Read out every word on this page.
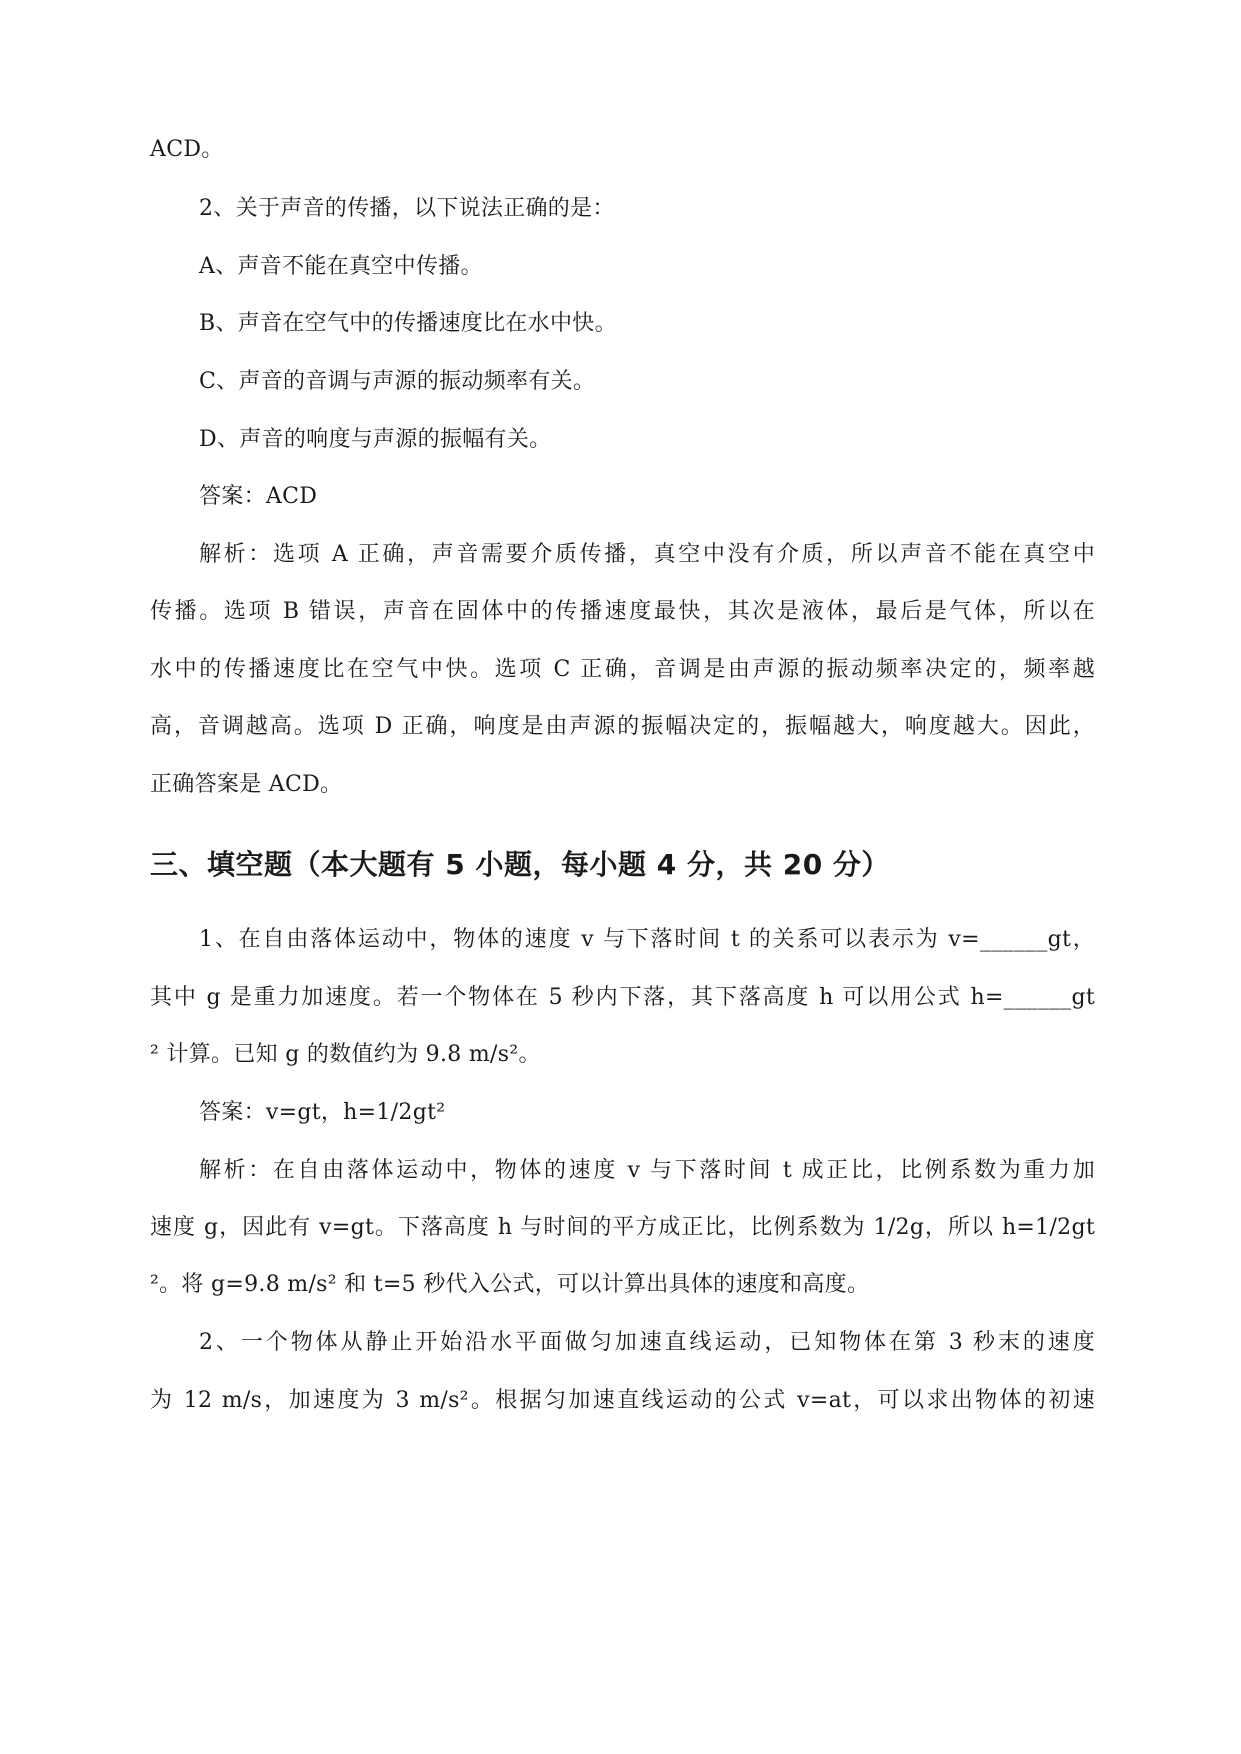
ACD。
2、关于声音的传播，以下说法正确的是：
A、声音不能在真空中传播。
B、声音在空气中的传播速度比在水中快。
C、声音的音调与声源的振动频率有关。
D、声音的响度与声源的振幅有关。
答案：ACD
解析：选项 A 正确，声音需要介质传播，真空中没有介质，所以声音不能在真空中
传播。选项 B 错误，声音在固体中的传播速度最快，其次是液体，最后是气体，所以在
水中的传播速度比在空气中快。选项 C 正确，音调是由声源的振动频率决定的，频率越
高，音调越高。选项 D 正确，响度是由声源的振幅决定的，振幅越大，响度越大。因此，
正确答案是 ACD。
三、填空题（本大题有 5 小题，每小题 4 分，共 20 分）
1、在自由落体运动中，物体的速度 v 与下落时间 t 的关系可以表示为 v=______gt，
其中 g 是重力加速度。若一个物体在 5 秒内下落，其下落高度 h 可以用公式 h=______gt
² 计算。已知 g 的数值约为 9.8 m/s²。
答案：v=gt，h=1/2gt²
解析：在自由落体运动中，物体的速度 v 与下落时间 t 成正比，比例系数为重力加
速度 g，因此有 v=gt。下落高度 h 与时间的平方成正比，比例系数为 1/2g，所以 h=1/2gt
²。将 g=9.8 m/s² 和 t=5 秒代入公式，可以计算出具体的速度和高度。
2、一个物体从静止开始沿水平面做匀加速直线运动，已知物体在第 3 秒末的速度
为 12 m/s，加速度为 3 m/s²。根据匀加速直线运动的公式 v=at，可以求出物体的初速
